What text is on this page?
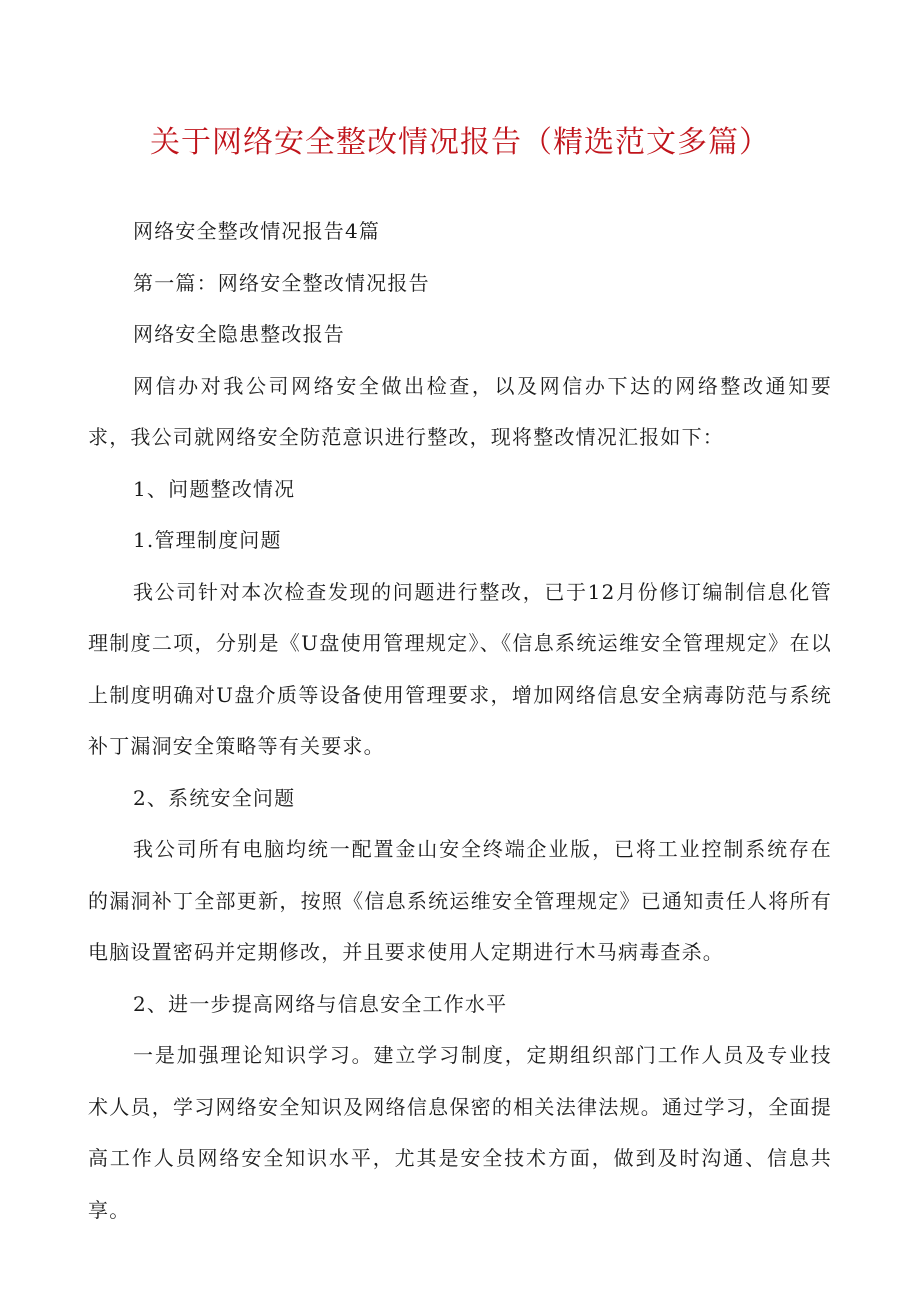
关于网络安全整改情况报告（精选范文多篇）

网络安全整改情况报告4篇

第一篇：网络安全整改情况报告

网络安全隐患整改报告

网信办对我公司网络安全做出检查，以及网信办下达的网络整改通知要求，我公司就网络安全防范意识进行整改，现将整改情况汇报如下：

1、问题整改情况

1.管理制度问题

我公司针对本次检查发现的问题进行整改，已于12月份修订编制信息化管理制度二项，分别是《U盘使用管理规定》、《信息系统运维安全管理规定》在以上制度明确对U盘介质等设备使用管理要求，增加网络信息安全病毒防范与系统补丁漏洞安全策略等有关要求。

2、系统安全问题

我公司所有电脑均统一配置金山安全终端企业版，已将工业控制系统存在的漏洞补丁全部更新，按照《信息系统运维安全管理规定》已通知责任人将所有电脑设置密码并定期修改，并且要求使用人定期进行木马病毒查杀。

2、进一步提高网络与信息安全工作水平

一是加强理论知识学习。建立学习制度，定期组织部门工作人员及专业技术人员，学习网络安全知识及网络信息保密的相关法律法规。通过学习，全面提高工作人员网络安全知识水平，尤其是安全技术方面，做到及时沟通、信息共享。
